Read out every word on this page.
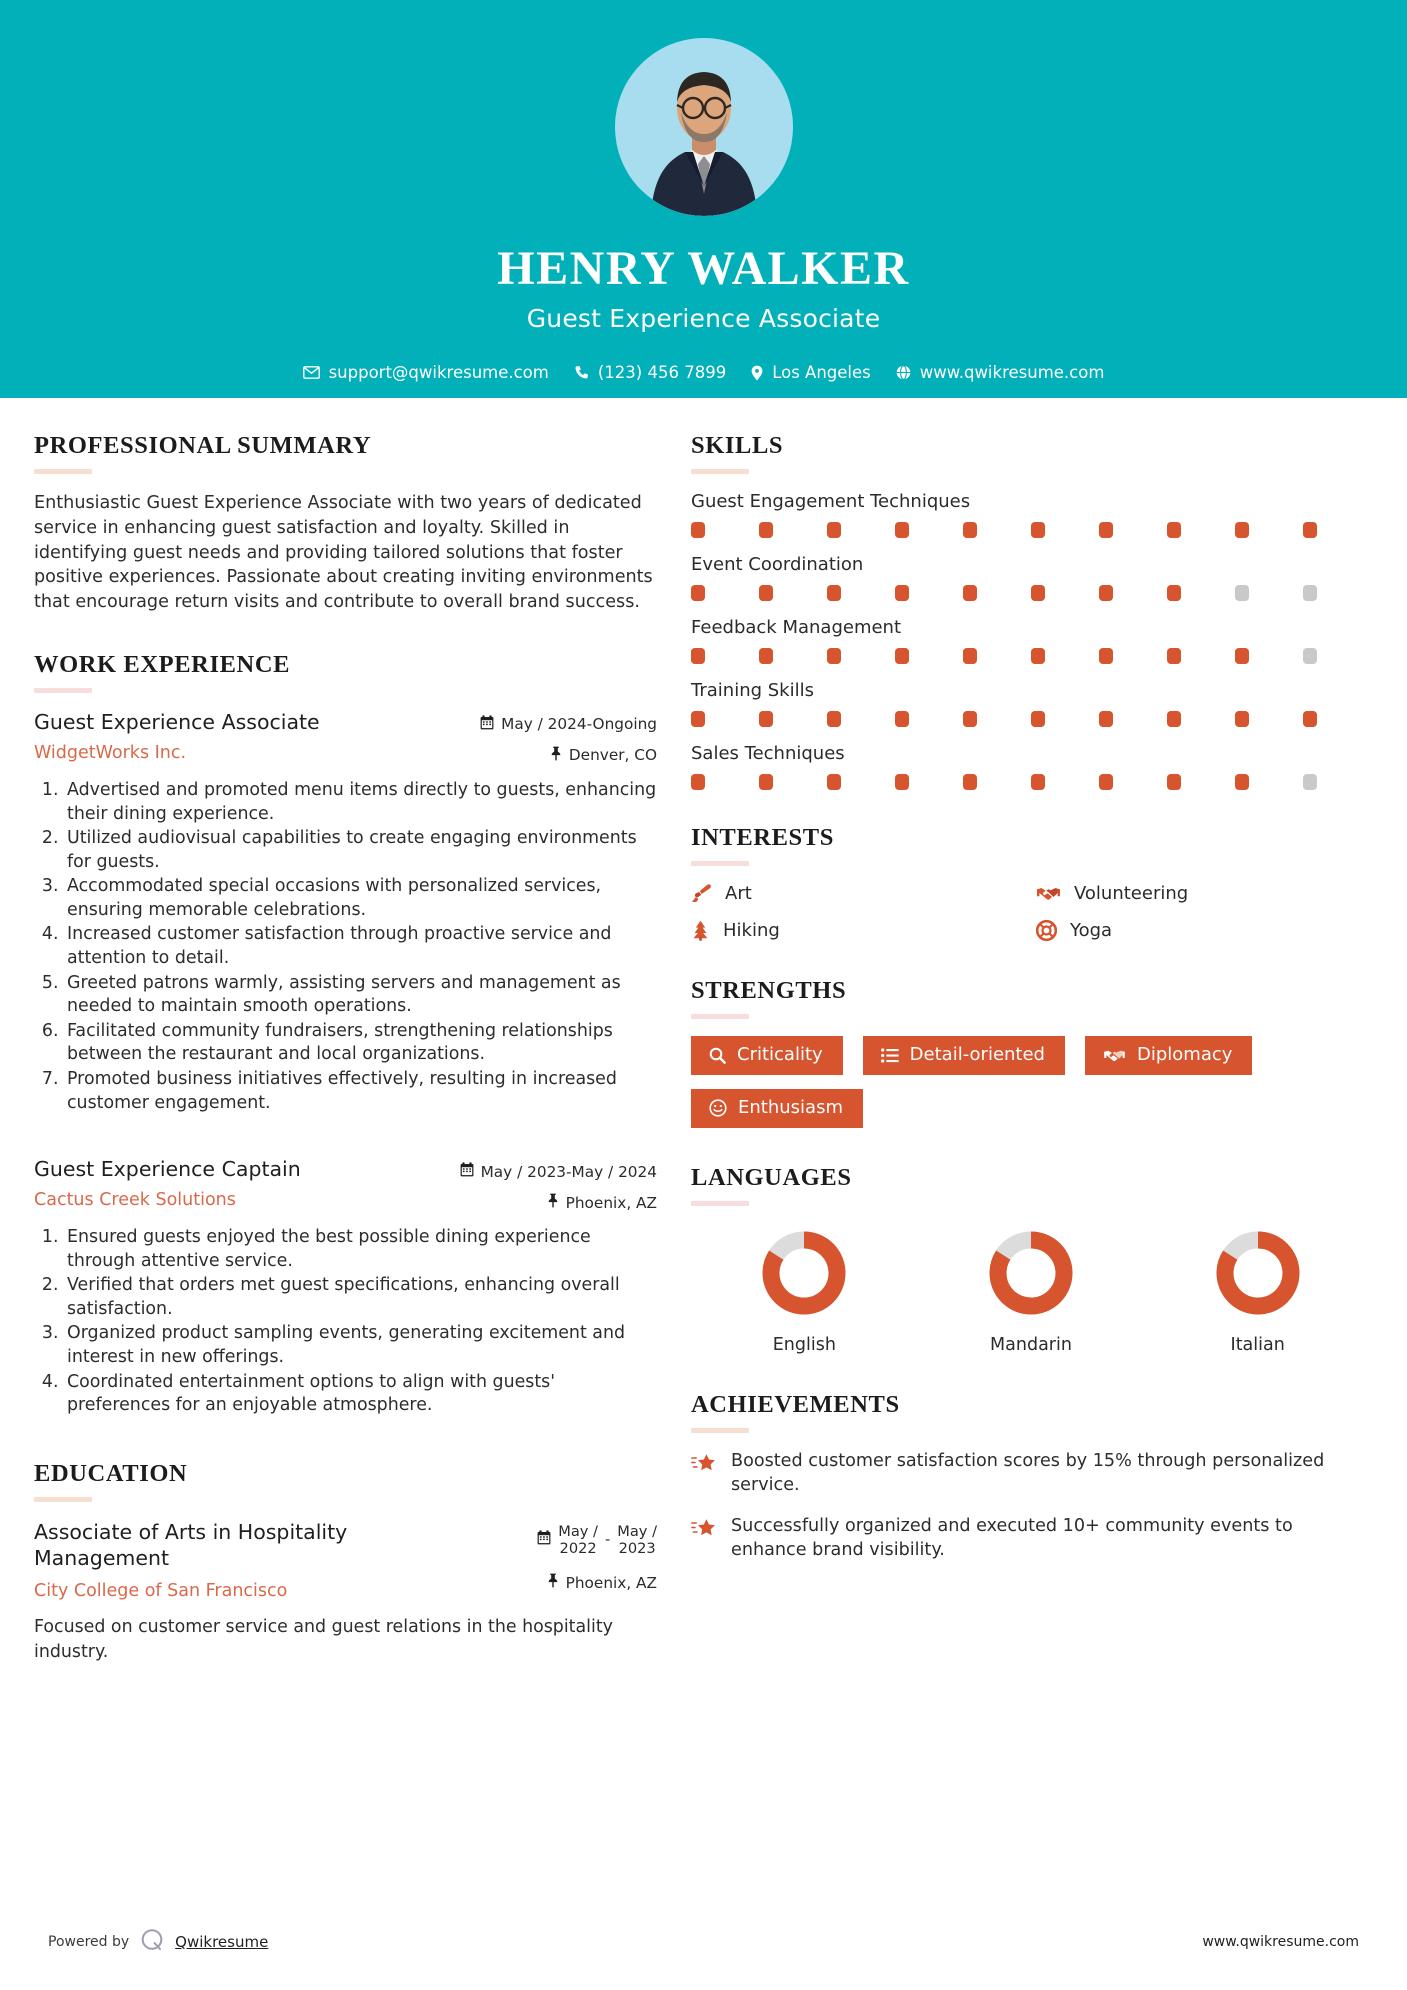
HENRY WALKER
Guest Experience Associate
support@qwikresume.com	(123) 456 7899	Los Angeles	www.qwikresume.com
PROFESSIONAL SUMMARY

Enthusiastic Guest Experience Associate with two years of dedicated service in enhancing guest satisfaction and loyalty. Skilled in identifying guest needs and providing tailored solutions that foster positive experiences. Passionate about creating inviting environments that encourage return visits and contribute to overall brand success.

WORK EXPERIENCE
Guest Experience Associate
WidgetWorks Inc.
May / 2024-Ongoing
Denver, CO
1. Advertised and promoted menu items directly to guests, enhancing their dining experience.
2. Utilized audiovisual capabilities to create engaging environments for guests.
3. Accommodated special occasions with personalized services, ensuring memorable celebrations.
4. Increased customer satisfaction through proactive service and attention to detail.
5. Greeted patrons warmly, assisting servers and management as needed to maintain smooth operations.
6. Facilitated community fundraisers, strengthening relationships between the restaurant and local organizations.
7. Promoted business initiatives effectively, resulting in increased customer engagement.
Guest Experience Captain
Cactus Creek Solutions
May / 2023-May / 2024
Phoenix, AZ
1. Ensured guests enjoyed the best possible dining experience through attentive service.
2. Verified that orders met guest specifications, enhancing overall satisfaction.
3. Organized product sampling events, generating excitement and interest in new offerings.
4. Coordinated entertainment options to align with guests' preferences for an enjoyable atmosphere.
EDUCATION
Associate of Arts in Hospitality Management
City College of San Francisco
May /
2022 -
May /
2023
Phoenix, AZ

Focused on customer service and guest relations in the hospitality industry.

SKILLS
Guest Engagement Techniques
Event Coordination
Feedback Management
Training Skills
Sales Techniques
INTERESTS
Art	Volunteering
Hiking	Yoga
STRENGTHS
Criticality	Detail-oriented	Diplomacy
Enthusiasm
LANGUAGES
English	Mandarin	Italian
ACHIEVEMENTS
Boosted customer satisfaction scores by 15% through personalized service.
Successfully organized and executed 10+ community events to enhance brand visibility.
Powered by	Qwikresume	www.qwikresume.com
